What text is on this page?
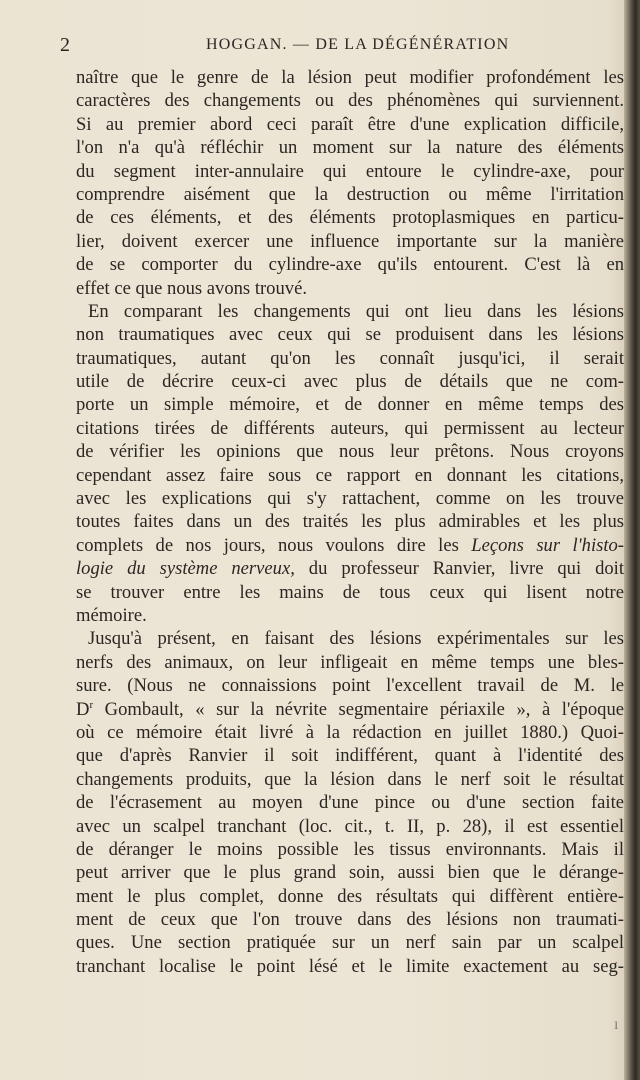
2	HOGGAN. — DE LA DÉGÉNÉRATION
naître que le genre de la lésion peut modifier profondément les
caractères des changements ou des phénomènes qui surviennent.
Si au premier abord ceci paraît être d'une explication difficile,
l'on n'a qu'à réfléchir un moment sur la nature des éléments
du segment inter-annulaire qui entoure le cylindre-axe, pour
comprendre aisément que la destruction ou même l'irritation
de ces éléments, et des éléments protoplasmiques en particu-
lier, doivent exercer une influence importante sur la manière
de se comporter du cylindre-axe qu'ils entourent. C'est là en
effet ce que nous avons trouvé.
En comparant les changements qui ont lieu dans les lésions
non traumatiques avec ceux qui se produisent dans les lésions
traumatiques, autant qu'on les connaît jusqu'ici, il serait
utile de décrire ceux-ci avec plus de détails que ne com-
porte un simple mémoire, et de donner en même temps des
citations tirées de différents auteurs, qui permissent au lecteur
de vérifier les opinions que nous leur prêtons. Nous croyons
cependant assez faire sous ce rapport en donnant les citations,
avec les explications qui s'y rattachent, comme on les trouve
toutes faites dans un des traités les plus admirables et les plus
complets de nos jours, nous voulons dire les Leçons sur l'histo-
logie du système nerveux, du professeur Ranvier, livre qui doit
se trouver entre les mains de tous ceux qui lisent notre
mémoire.
Jusqu'à présent, en faisant des lésions expérimentales sur les
nerfs des animaux, on leur infligeait en même temps une bles-
sure. (Nous ne connaissions point l'excellent travail de M. le
$D^r$ Gombault, « sur la névrite segmentaire périaxile », à l'époque
où ce mémoire était livré à la rédaction en juillet 1880.) Quoi-
que d'après Ranvier il soit indifférent, quant à l'identité des
changements produits, que la lésion dans le nerf soit le résultat
de l'écrasement au moyen d'une pince ou d'une section faite
avec un scalpel tranchant (loc. cit., t. II, p. 28), il est essentiel
de déranger le moins possible les tissus environnants. Mais il
peut arriver que le plus grand soin, aussi bien que le dérange-
ment le plus complet, donne des résultats qui diffèrent entière-
ment de ceux que l'on trouve dans des lésions non traumati-
ques. Une section pratiquée sur un nerf sain par un scalpel
tranchant localise le point lésé et le limite exactement au seg-
ı
